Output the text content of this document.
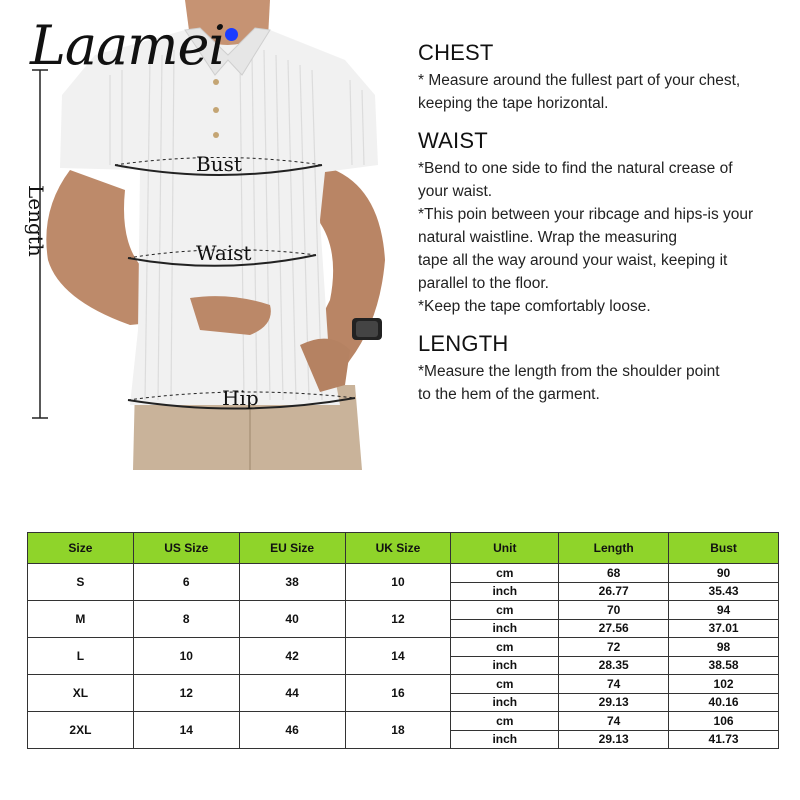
Laamei
Bust
Waist
Hip
Length
CHEST

* Measure around the fullest part of your chest,
keeping the tape horizontal.

WAIST

*Bend to one side to find the natural crease of
your waist.
*This poin between your ribcage and hips-is your
natural waistline. Wrap the measuring
tape all the way around your waist, keeping it
parallel to the floor.
*Keep the tape comfortably loose.

LENGTH

*Measure the length from the shoulder point
to the hem of the garment.

Size	US Size	EU Size	UK Size	Unit	Length	Bust
S	6	38	10	cm	68	90
				inch	26.77	35.43
M	8	40	12	cm	70	94
				inch	27.56	37.01
L	10	42	14	cm	72	98
				inch	28.35	38.58
XL	12	44	16	cm	74	102
				inch	29.13	40.16
2XL	14	46	18	cm	74	106
				inch	29.13	41.73
